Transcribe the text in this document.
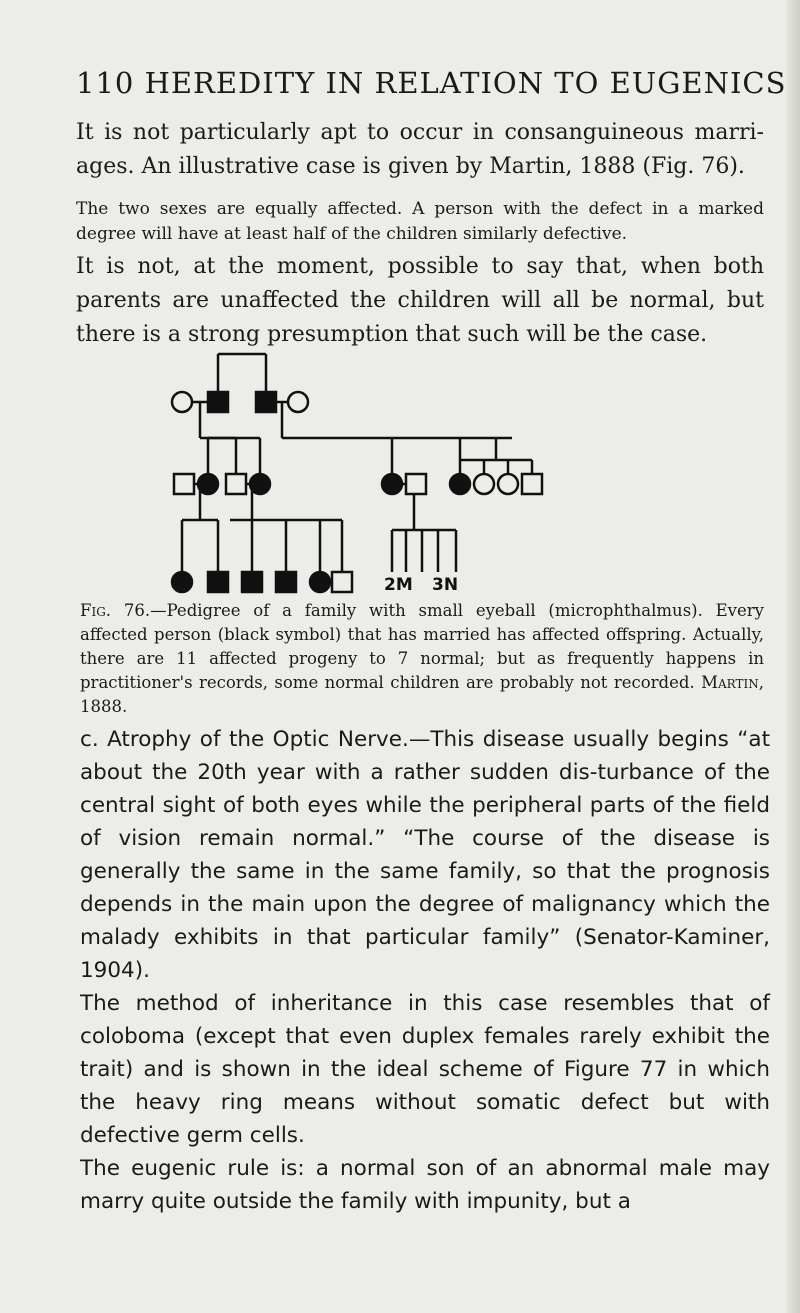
110 HEREDITY IN RELATION TO EUGENICS

It is not particularly apt to occur in consanguineous marri-ages. An illustrative case is given by Martin, 1888 (Fig. 76).

The two sexes are equally affected. A person with the defect in a marked degree will have at least half of the children similarly defective.

It is not, at the moment, possible to say that, when both parents are unaffected the children will all be normal, but there is a strong presumption that such will be the case.

2M 3N

Fig. 76.—Pedigree of a family with small eyeball (microphthalmus). Every affected person (black symbol) that has married has affected offspring. Actually, there are 11 affected progeny to 7 normal; but as frequently happens in practitioner's records, some normal children are probably not recorded. Martin, 1888.

c. Atrophy of the Optic Nerve.—This disease usually begins “at about the 20th year with a rather sudden dis-turbance of the central sight of both eyes while the peripheral parts of the field of vision remain normal.” “The course of the disease is generally the same in the same family, so that the prognosis depends in the main upon the degree of malignancy which the malady exhibits in that particular family” (Senator-Kaminer, 1904).

The method of inheritance in this case resembles that of coloboma (except that even duplex females rarely exhibit the trait) and is shown in the ideal scheme of Figure 77 in which the heavy ring means without somatic defect but with defective germ cells.

The eugenic rule is: a normal son of an abnormal male may marry quite outside the family with impunity, but a
